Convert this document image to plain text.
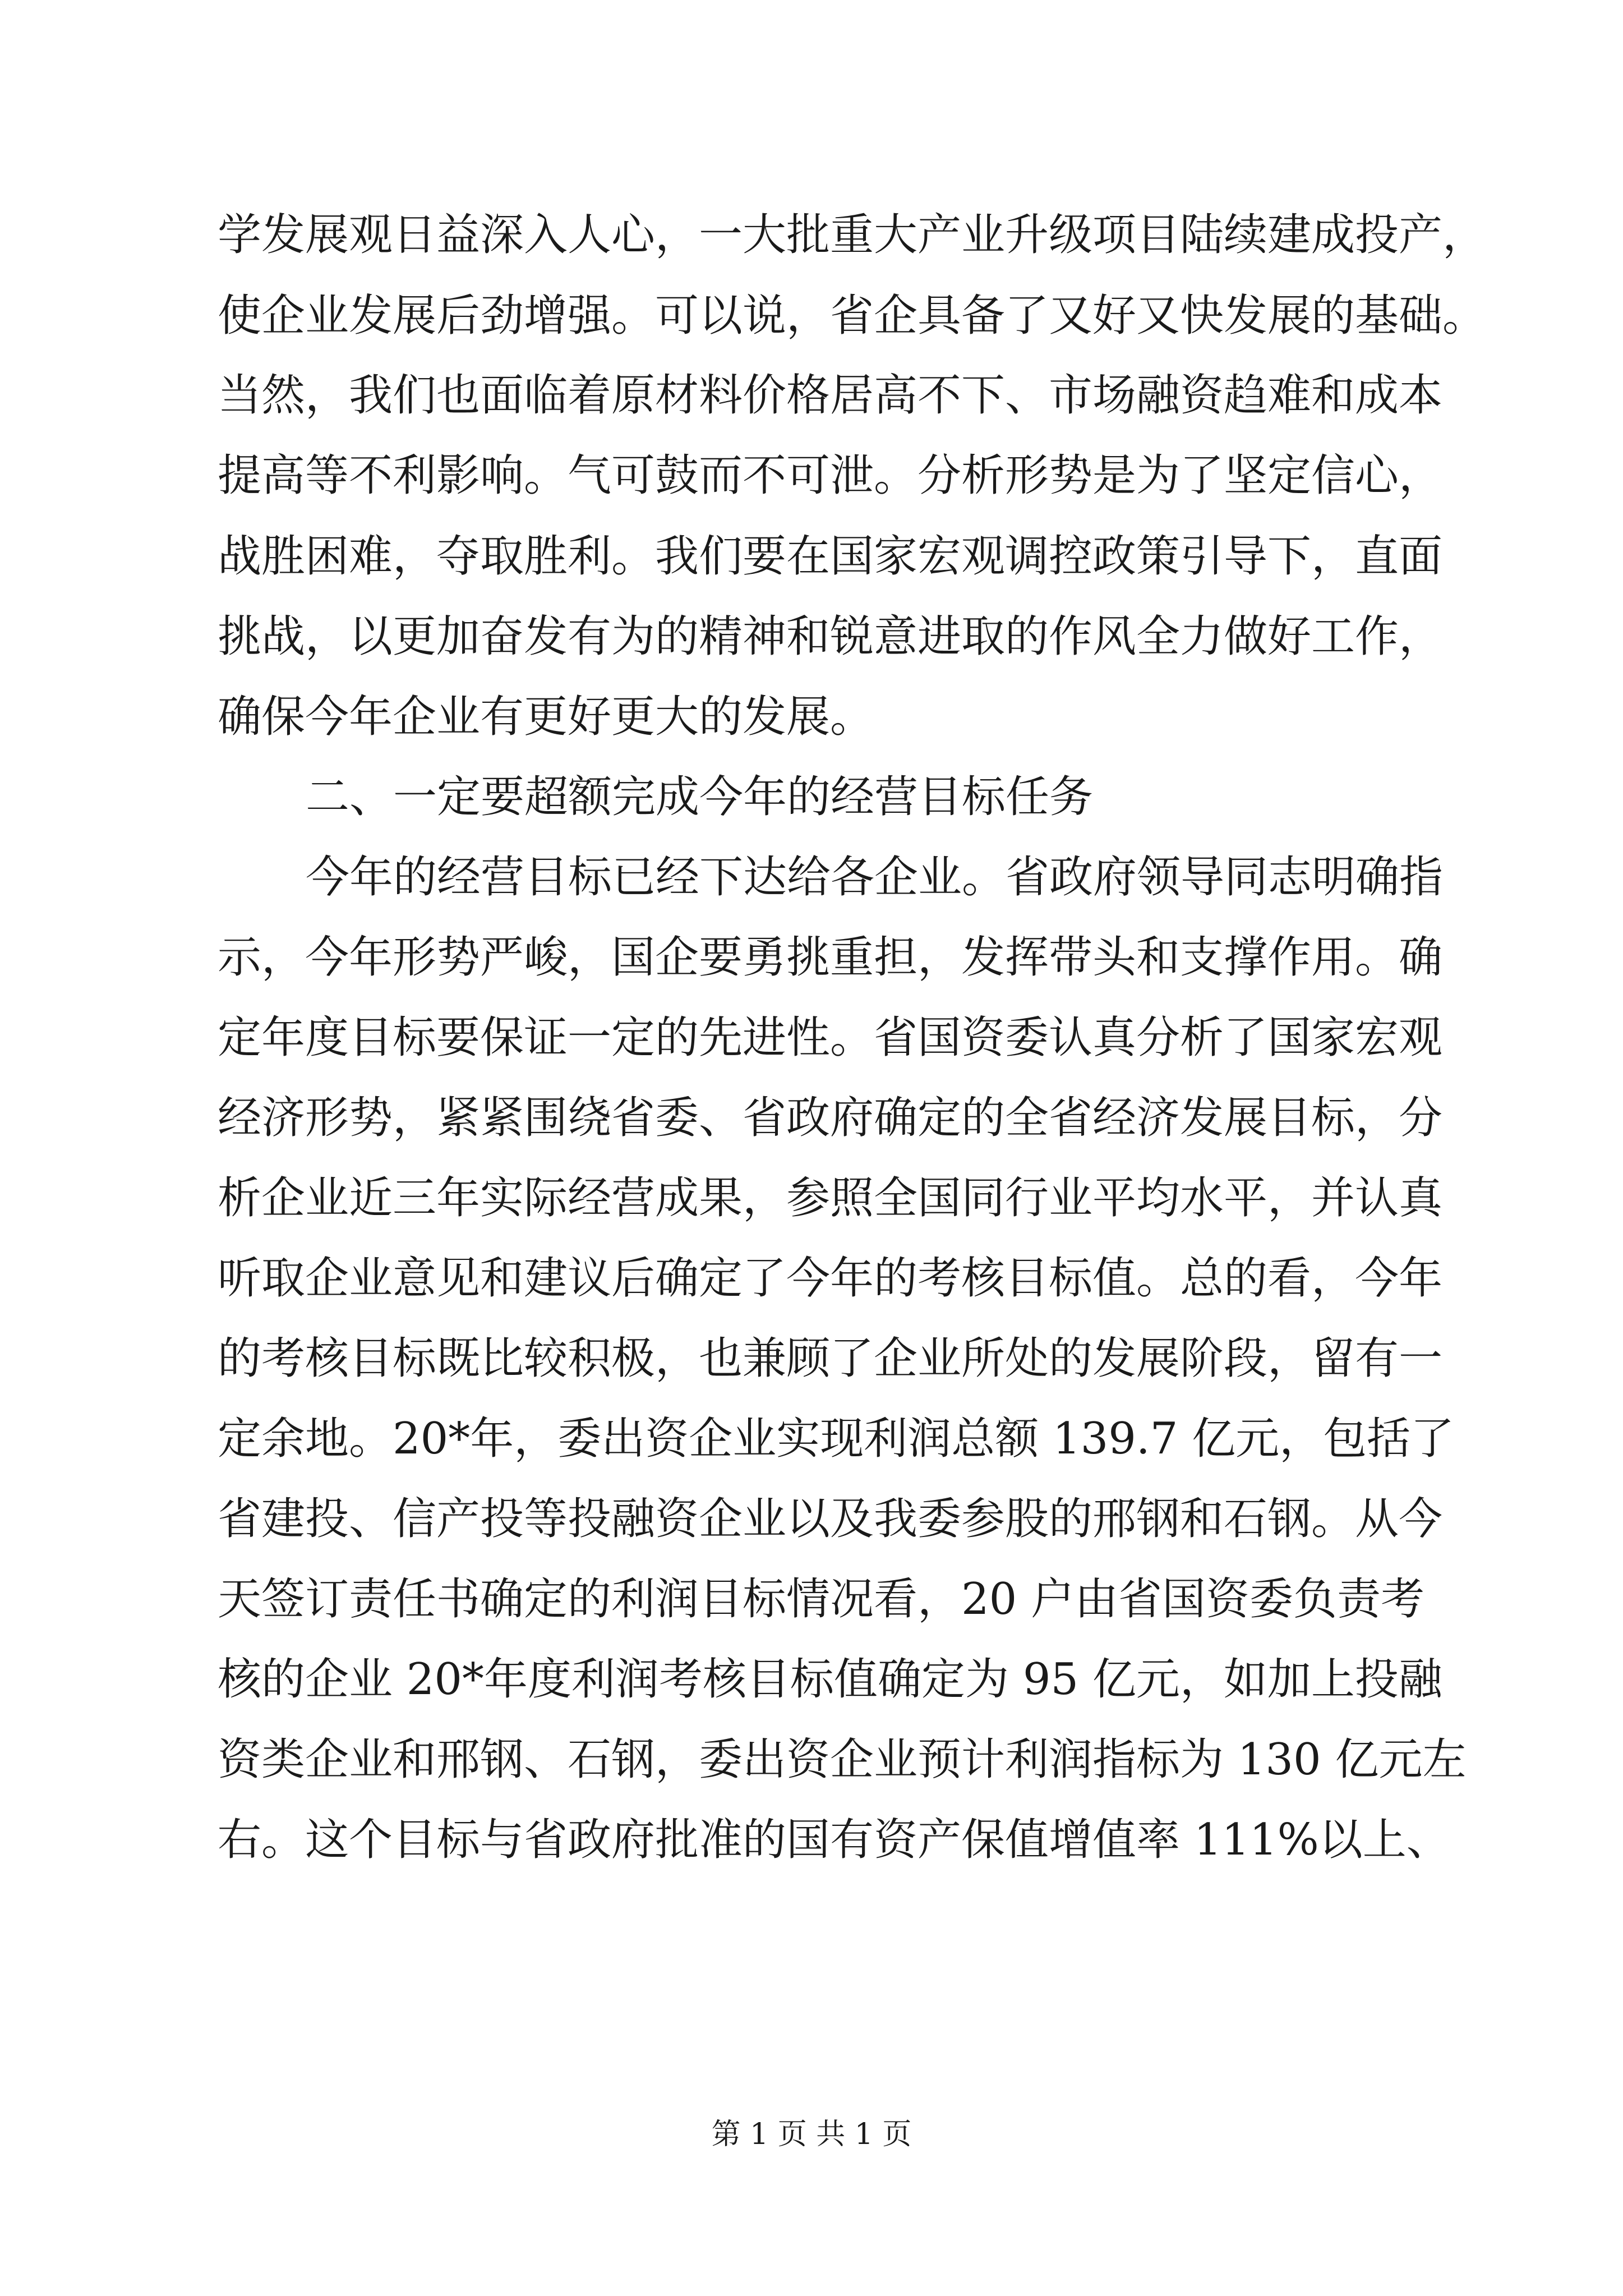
学发展观日益深入人心，一大批重大产业升级项目陆续建成投产，
使企业发展后劲增强。可以说，省企具备了又好又快发展的基础。
当然，我们也面临着原材料价格居高不下、市场融资趋难和成本
提高等不利影响。气可鼓而不可泄。分析形势是为了坚定信心，
战胜困难，夺取胜利。我们要在国家宏观调控政策引导下，直面
挑战，以更加奋发有为的精神和锐意进取的作风全力做好工作，
确保今年企业有更好更大的发展。
二、一定要超额完成今年的经营目标任务
今年的经营目标已经下达给各企业。省政府领导同志明确指
示，今年形势严峻，国企要勇挑重担，发挥带头和支撑作用。确
定年度目标要保证一定的先进性。省国资委认真分析了国家宏观
经济形势，紧紧围绕省委、省政府确定的全省经济发展目标，分
析企业近三年实际经营成果，参照全国同行业平均水平，并认真
听取企业意见和建议后确定了今年的考核目标值。总的看，今年
的考核目标既比较积极，也兼顾了企业所处的发展阶段，留有一
定余地。20*年，委出资企业实现利润总额 139.7 亿元，包括了
省建投、信产投等投融资企业以及我委参股的邢钢和石钢。从今
天签订责任书确定的利润目标情况看，20 户由省国资委负责考
核的企业 20*年度利润考核目标值确定为 95 亿元，如加上投融
资类企业和邢钢、石钢，委出资企业预计利润指标为 130 亿元左
右。这个目标与省政府批准的国有资产保值增值率 111%以上、
第 1 页 共 1 页
